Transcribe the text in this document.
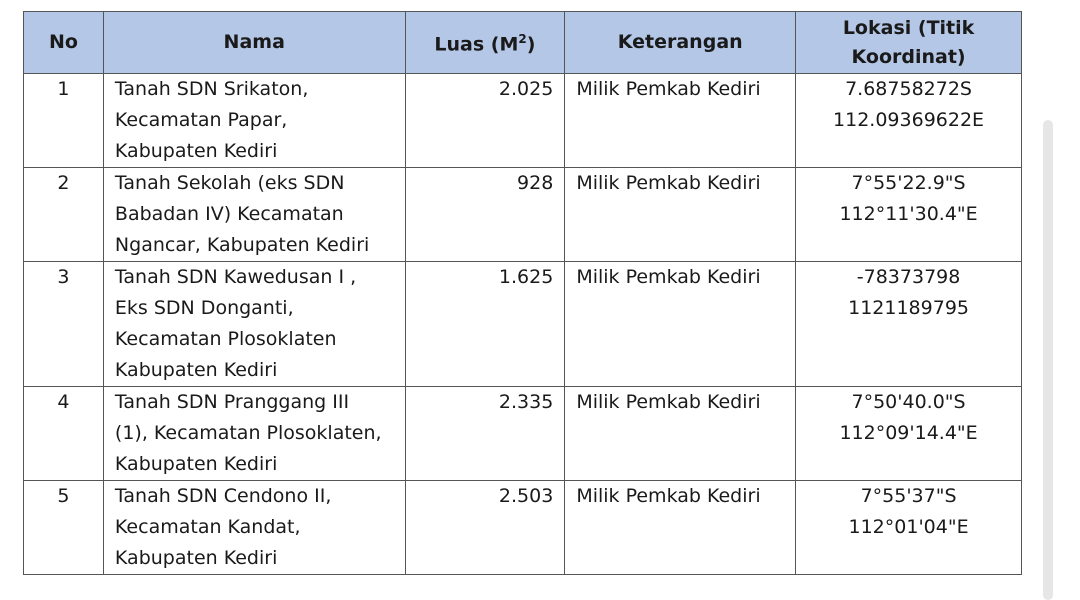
No	Nama	Luas $(M^2)$	Keterangan	Lokasi (Titik
Koordinat)
1	Tanah SDN Srikaton,
Kecamatan Papar,
Kabupaten Kediri	2.025	Milik Pemkab Kediri	7.68758272S
112.09369622E
2	Tanah Sekolah (eks SDN
Babadan IV) Kecamatan
Ngancar, Kabupaten Kediri	928	Milik Pemkab Kediri	7°55'22.9"S
112°11'30.4"E
3	Tanah SDN Kawedusan I ,
Eks SDN Donganti,
Kecamatan Plosoklaten
Kabupaten Kediri	1.625	Milik Pemkab Kediri	-78373798
1121189795
4	Tanah SDN Pranggang III
(1), Kecamatan Plosoklaten,
Kabupaten Kediri	2.335	Milik Pemkab Kediri	7°50'40.0"S
112°09'14.4"E
5	Tanah SDN Cendono II,
Kecamatan Kandat,
Kabupaten Kediri	2.503	Milik Pemkab Kediri	7°55'37"S
112°01'04"E
